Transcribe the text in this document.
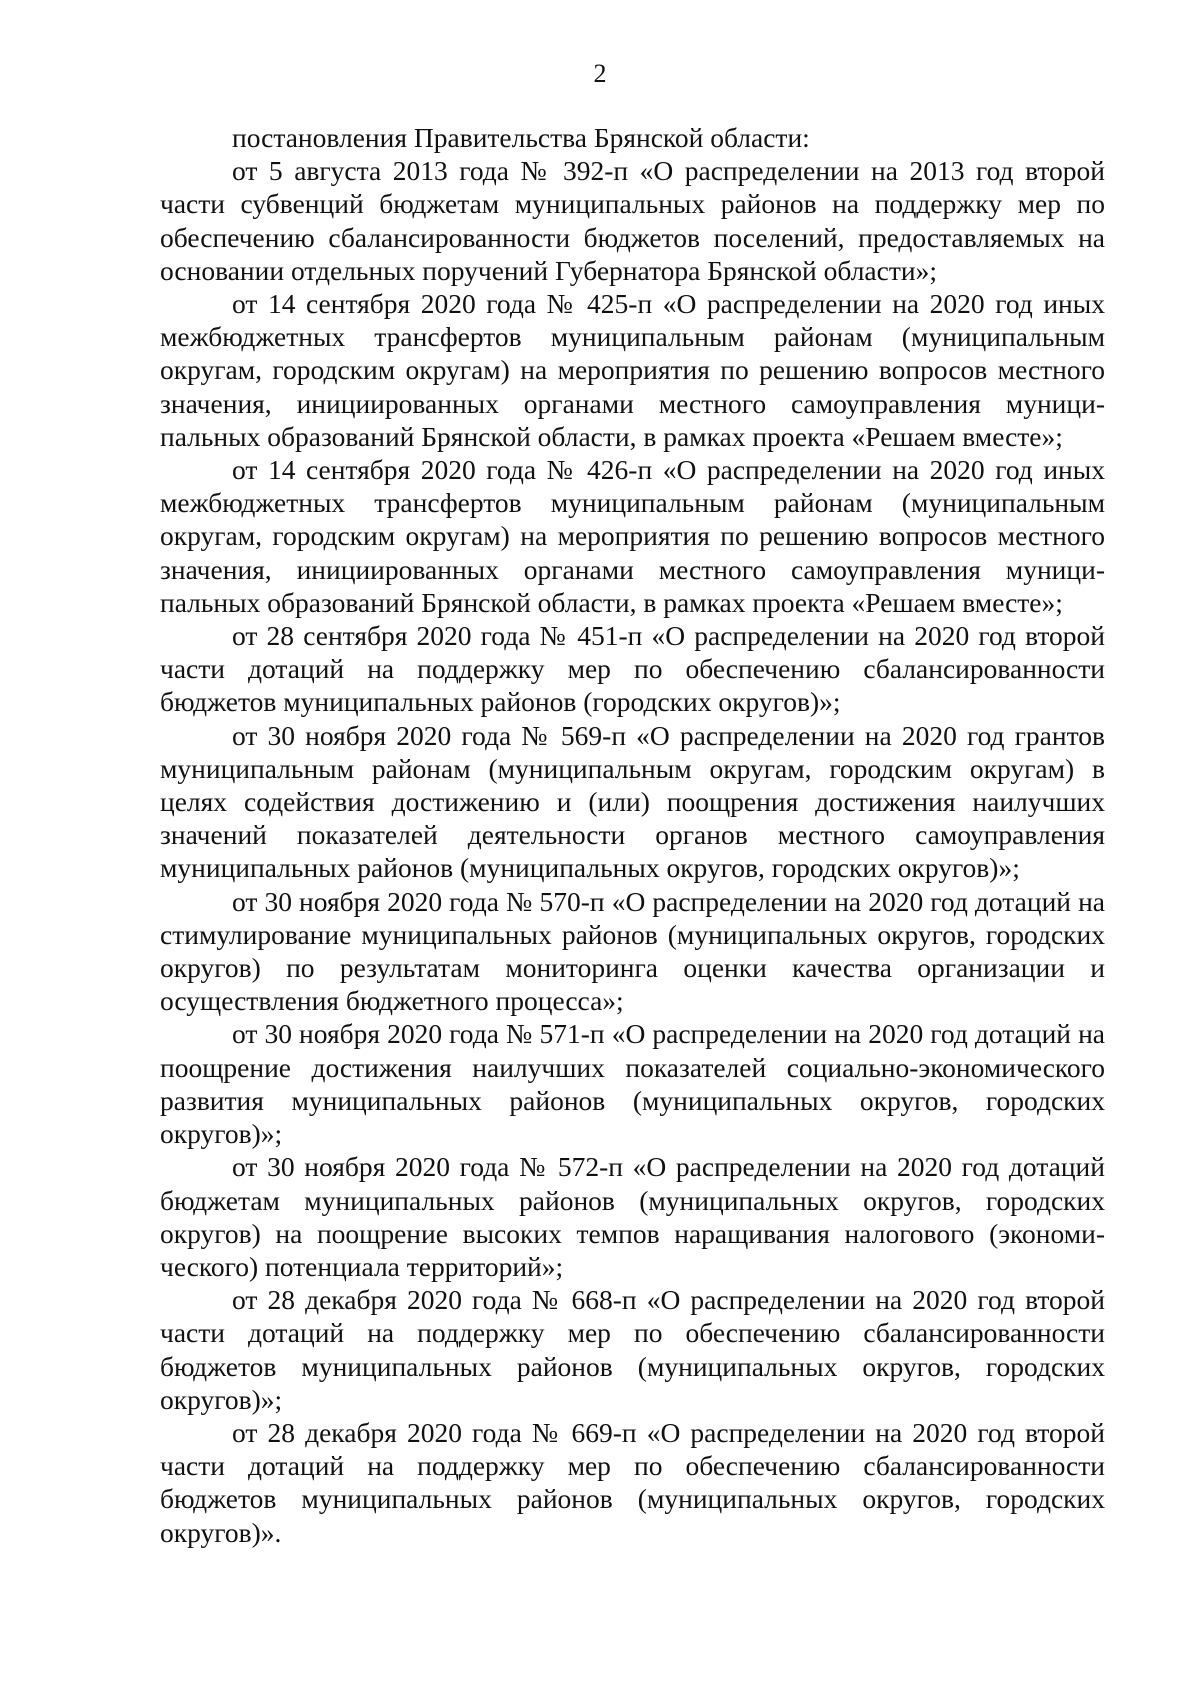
2

постановления Правительства Брянской области:

от 5 августа 2013 года № 392-п «О распределении на 2013 год второй части субвенций бюджетам муниципальных районов на поддержку мер по обеспечению сбалансированности бюджетов поселений, предоставляемых на основании отдельных поручений Губернатора Брянской области»;

от 14 сентября 2020 года № 425-п «О распределении на 2020 год иных межбюджетных трансфертов муниципальным районам (муниципальным округам, городским округам) на мероприятия по решению вопросов местного значения, инициированных органами местного самоуправления муниципальных образований Брянской области, в рамках проекта «Решаем вместе»;

от 14 сентября 2020 года № 426-п «О распределении на 2020 год иных межбюджетных трансфертов муниципальным районам (муниципальным округам, городским округам) на мероприятия по решению вопросов местного значения, инициированных органами местного самоуправления муниципальных образований Брянской области, в рамках проекта «Решаем вместе»;

от 28 сентября 2020 года № 451-п «О распределении на 2020 год второй части дотаций на поддержку мер по обеспечению сбалансированности бюджетов муниципальных районов (городских округов)»;

от 30 ноября 2020 года № 569-п «О распределении на 2020 год грантов муниципальным районам (муниципальным округам, городским округам) в целях содействия достижению и (или) поощрения достижения наилучших значений показателей деятельности органов местного самоуправления муниципальных районов (муниципальных округов, городских округов)»;

от 30 ноября 2020 года № 570-п «О распределении на 2020 год дотаций на стимулирование муниципальных районов (муниципальных округов, городских округов) по результатам мониторинга оценки качества организации и осуществления бюджетного процесса»;

от 30 ноября 2020 года № 571-п «О распределении на 2020 год дотаций на поощрение достижения наилучших показателей социально-экономического развития муниципальных районов (муниципальных округов, городских округов)»;

от 30 ноября 2020 года № 572-п «О распределении на 2020 год дотаций бюджетам муниципальных районов (муниципальных округов, городских округов) на поощрение высоких темпов наращивания налогового (экономического) потенциала территорий»;

от 28 декабря 2020 года № 668-п «О распределении на 2020 год второй части дотаций на поддержку мер по обеспечению сбалансированности бюджетов муниципальных районов (муниципальных округов, городских округов)»;

от 28 декабря 2020 года № 669-п «О распределении на 2020 год второй части дотаций на поддержку мер по обеспечению сбалансированности бюджетов муниципальных районов (муниципальных округов, городских округов)».
